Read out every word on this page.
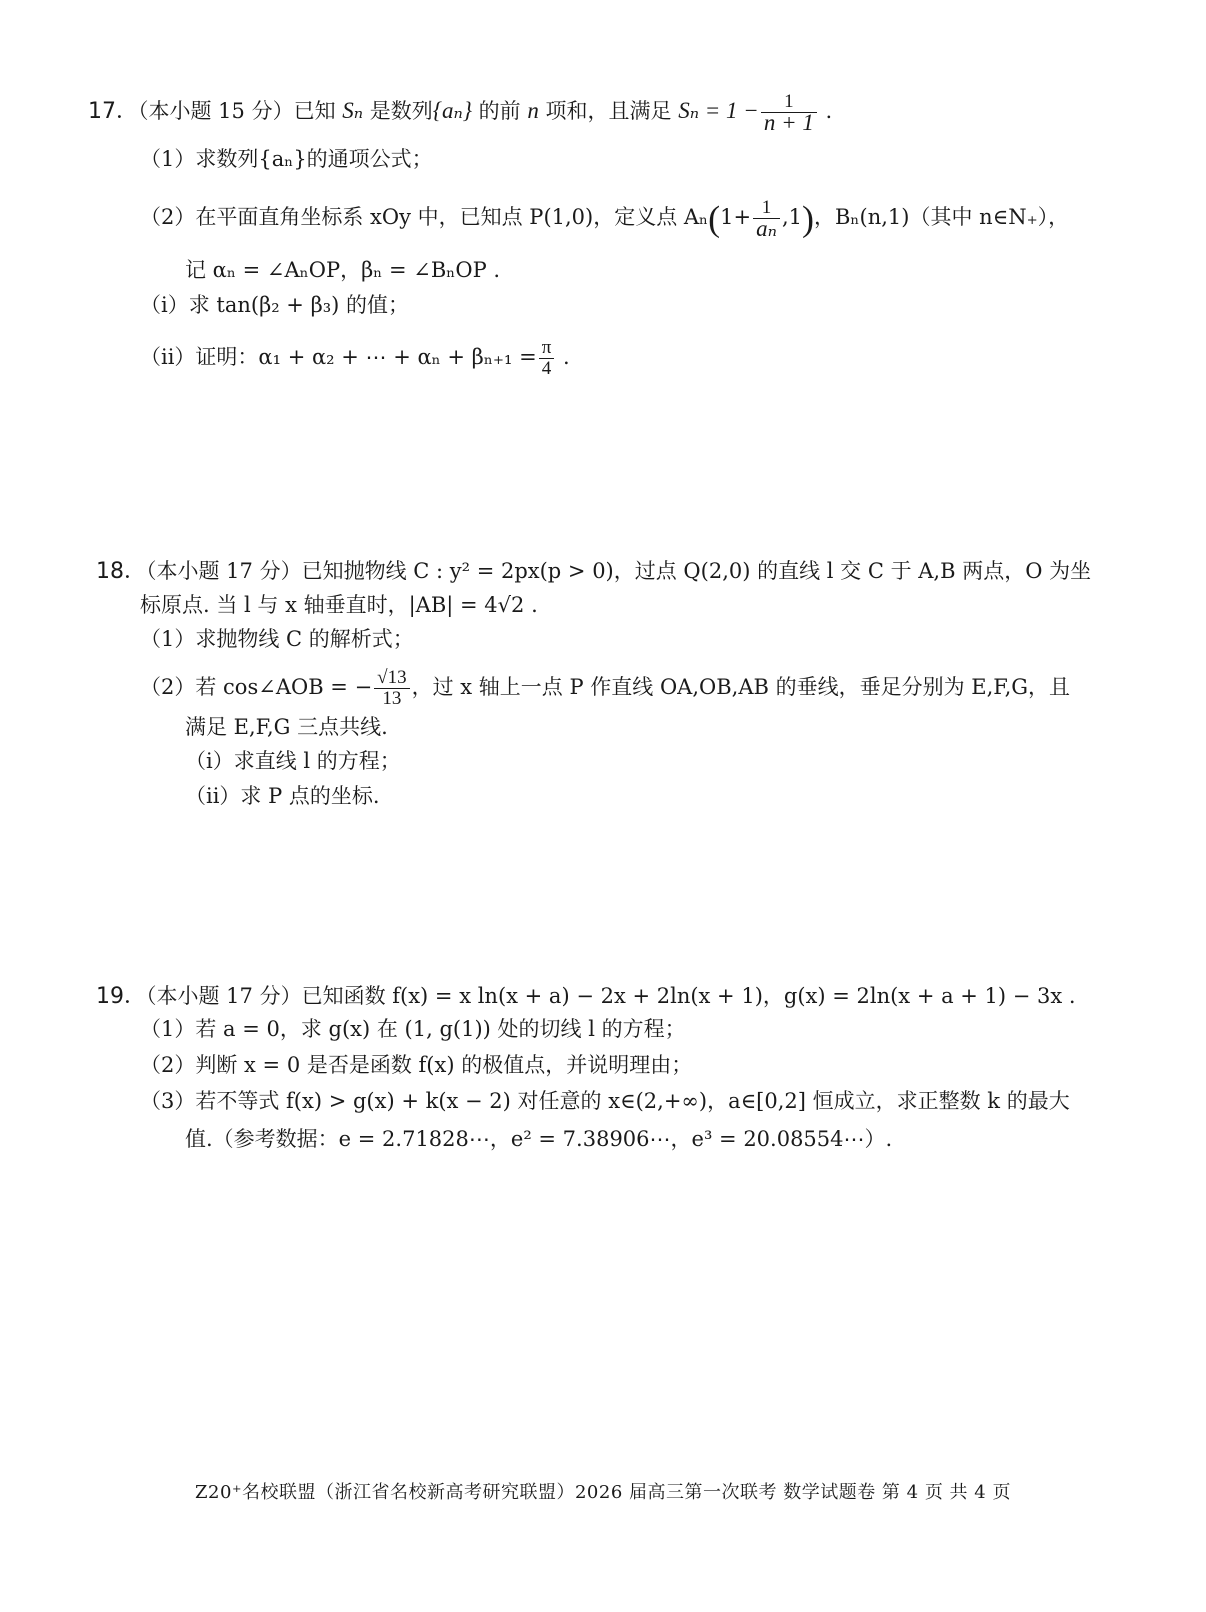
17．（本小题 15 分）已知 Sₙ 是数列{aₙ} 的前 n 项和，且满足 $S_n = 1 - \frac{1}{n + 1}$ .
（1）求数列{aₙ}的通项公式；
（2）在平面直角坐标系 xOy 中，已知点 P(1,0)，定义点 $A_n(1+ \frac{1}{\text{aₙ}} ,1)$，Bₙ(n,1)（其中 n∈N₊），
记 αₙ = ∠AₙOP，βₙ = ∠BₙOP .
（i）求 tan(β₂ + β₃) 的值；
（ii）证明：α₁ + α₂ + ⋯ + $\alpha_n + \beta_{n+1} = \frac{\pi}{4}$ .
18．（本小题 17 分）已知抛物线 C : y² = 2px(p > 0)，过点 Q(2,0) 的直线 l 交 C 于 A,B 两点，O 为坐
标原点. 当 l 与 x 轴垂直时，|AB| = 4√2 .
（1）求抛物线 C 的解析式；
（2）若 cos∠AOB = − $\frac{√13}{13}$ ，过 x 轴上一点 P 作直线 OA,OB,AB 的垂线，垂足分别为 E,F,G，且
满足 E,F,G 三点共线.
（i）求直线 l 的方程；
（ii）求 P 点的坐标.
19．（本小题 17 分）已知函数 f(x) = x ln(x + a) − 2x + 2ln(x + 1)，g(x) = 2ln(x + a + 1) − 3x .
（1）若 a = 0，求 g(x) 在 (1, g(1)) 处的切线 l 的方程；
（2）判断 x = 0 是否是函数 f(x) 的极值点，并说明理由；
（3）若不等式 f(x) > g(x) + k(x − 2) 对任意的 x∈(2,+∞)，a∈[0,2] 恒成立，求正整数 k 的最大
值.（参考数据：e = 2.71828⋯，e² = 7.38906⋯，e³ = 20.08554⋯）.
Z20⁺名校联盟（浙江省名校新高考研究联盟）2026 届高三第一次联考 数学试题卷 第 4 页 共 4 页
